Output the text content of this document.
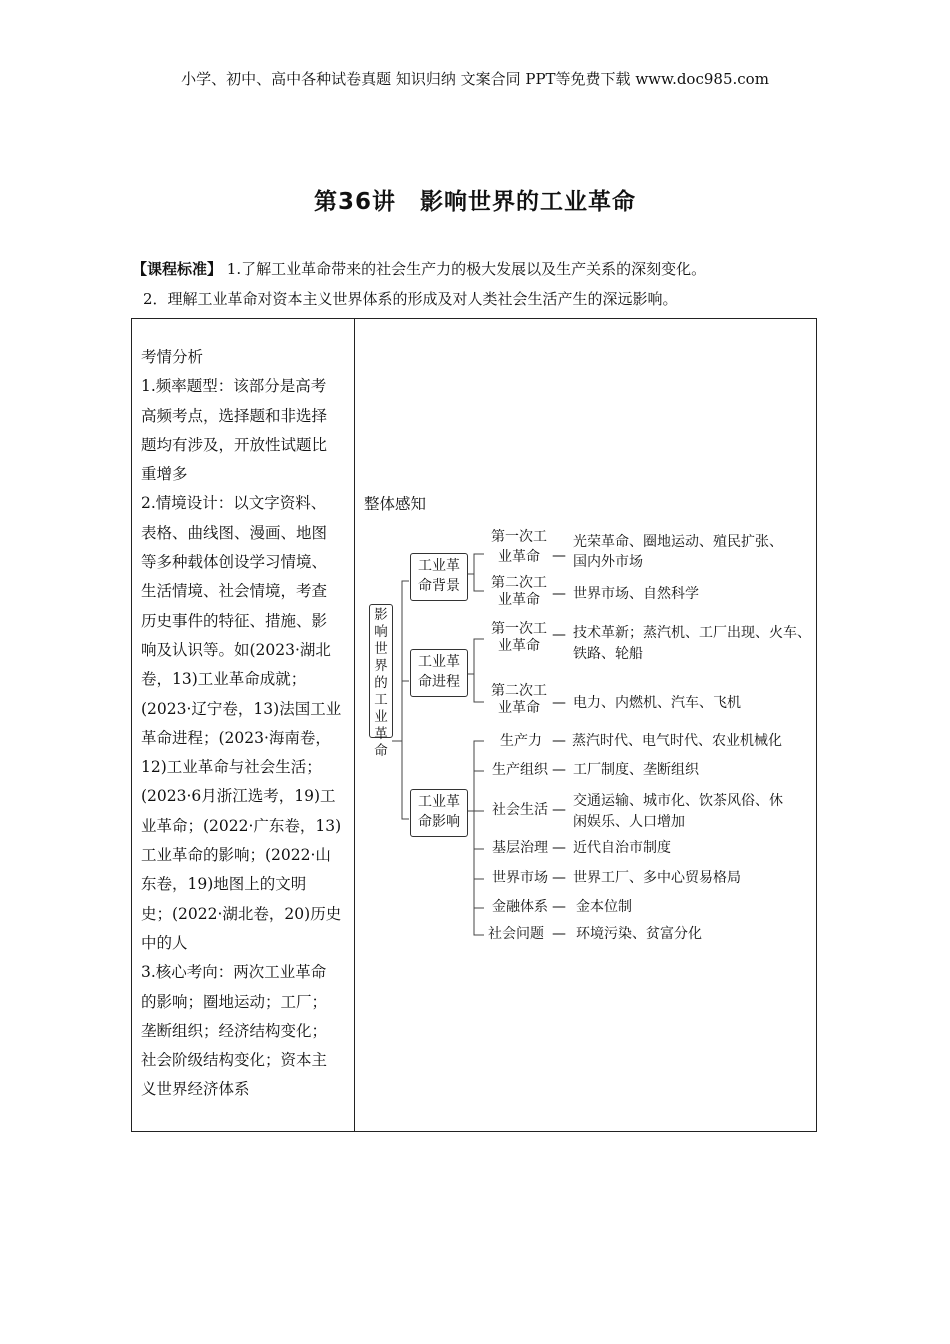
小学、初中、高中各种试卷真题 知识归纳 文案合同 PPT等免费下载 www.doc985.com
第36讲　影响世界的工业革命
【课程标准】 1.了解工业革命带来的社会生产力的极大发展以及生产关系的深刻变化。
2．理解工业革命对资本主义世界体系的形成及对人类社会生活产生的深远影响。

考情分析

1.频率题型：该部分是高考

高频考点，选择题和非选择

题均有涉及，开放性试题比

重增多

2.情境设计：以文字资料、

表格、曲线图、漫画、地图

等多种载体创设学习情境、

生活情境、社会情境，考查

历史事件的特征、措施、影

响及认识等。如(2023·湖北

卷，13)工业革命成就；

(2023·辽宁卷，13)法国工业

革命进程；(2023·海南卷，

12)工业革命与社会生活；

(2023·6月浙江选考，19)工

业革命；(2022·广东卷，13)

工业革命的影响；(2022·山

东卷，19)地图上的文明

史；(2022·湖北卷，20)历史

中的人

3.核心考向：两次工业革命

的影响；圈地运动；工厂；

垄断组织；经济结构变化；

社会阶级结构变化；资本主

义世界经济体系

整体感知
影响世界的工业革命
工业革命背景
工业革命进程
工业革命影响
第一次工业革命 —
光荣革命、圈地运动、殖民扩张、
国内外市场
第二次工业革命 — 世界市场、自然科学
第一次工业革命
— 技术革新；蒸汽机、工厂出现、火车、
铁路、轮船
第二次工业革命 — 电力、内燃机、汽车、飞机
生产力 — 蒸汽时代、电气时代、农业机械化
生产组织 — 工厂制度、垄断组织
社会生活 —
交通运输、城市化、饮茶风俗、休
闲娱乐、人口增加
基层治理 — 近代自治市制度
世界市场 — 世界工厂、多中心贸易格局
金融体系 — 金本位制
社会问题 — 环境污染、贫富分化
